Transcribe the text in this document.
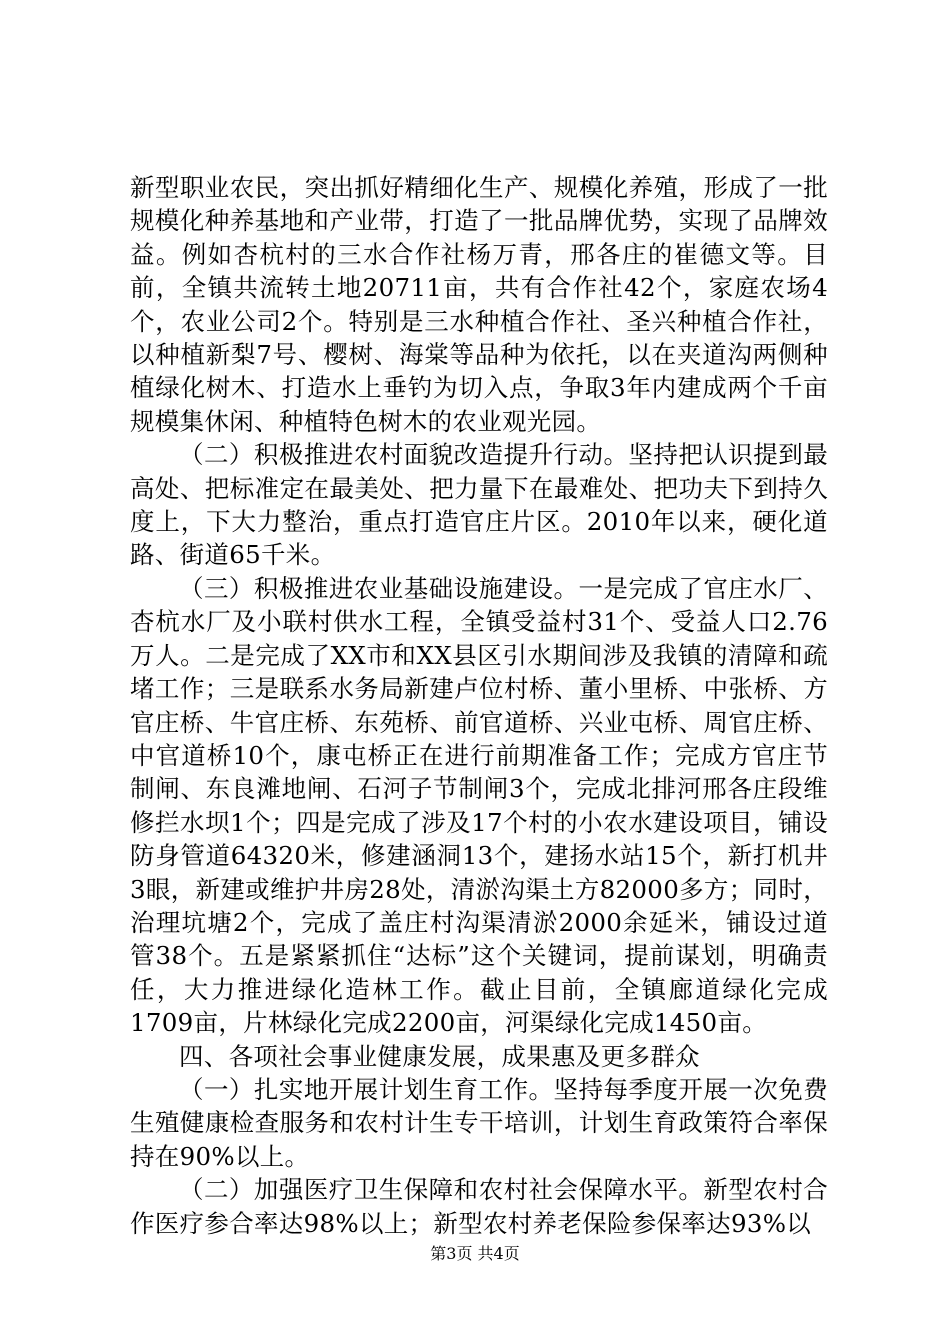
新型职业农民，突出抓好精细化生产、规模化养殖，形成了一批规模化种养基地和产业带，打造了一批品牌优势，实现了品牌效益。例如杏杭村的三水合作社杨万青，邢各庄的崔德文等。目前，全镇共流转土地20711亩，共有合作社42个，家庭农场4个，农业公司2个。特别是三水种植合作社、圣兴种植合作社，以种植新梨7号、樱树、海棠等品种为依托，以在夹道沟两侧种植绿化树木、打造水上垂钓为切入点，争取3年内建成两个千亩规模集休闲、种植特色树木的农业观光园。

（二）积极推进农村面貌改造提升行动。坚持把认识提到最高处、把标准定在最美处、把力量下在最难处、把功夫下到持久度上，下大力整治，重点打造官庄片区。2010年以来，硬化道路、街道65千米。

（三）积极推进农业基础设施建设。一是完成了官庄水厂、杏杭水厂及小联村供水工程，全镇受益村31个、受益人口2.76万人。二是完成了XX市和XX县区引水期间涉及我镇的清障和疏堵工作；三是联系水务局新建卢位村桥、董小里桥、中张桥、方官庄桥、牛官庄桥、东苑桥、前官道桥、兴业屯桥、周官庄桥、中官道桥10个，康屯桥正在进行前期准备工作；完成方官庄节制闸、东良滩地闸、石河子节制闸3个，完成北排河邢各庄段维修拦水坝1个；四是完成了涉及17个村的小农水建设项目，铺设防身管道64320米，修建涵洞13个，建扬水站15个，新打机井3眼，新建或维护井房28处，清淤沟渠土方82000多方；同时，治理坑塘2个，完成了盖庄村沟渠清淤2000余延米，铺设过道管38个。五是紧紧抓住“达标”这个关键词，提前谋划，明确责任，大力推进绿化造林工作。截止目前，全镇廊道绿化完成1709亩，片林绿化完成2200亩，河渠绿化完成1450亩。

四、各项社会事业健康发展，成果惠及更多群众

（一）扎实地开展计划生育工作。坚持每季度开展一次免费生殖健康检查服务和农村计生专干培训，计划生育政策符合率保持在90%以上。

（二）加强医疗卫生保障和农村社会保障水平。新型农村合作医疗参合率达98%以上；新型农村养老保险参保率达93%以

第3页 共4页
